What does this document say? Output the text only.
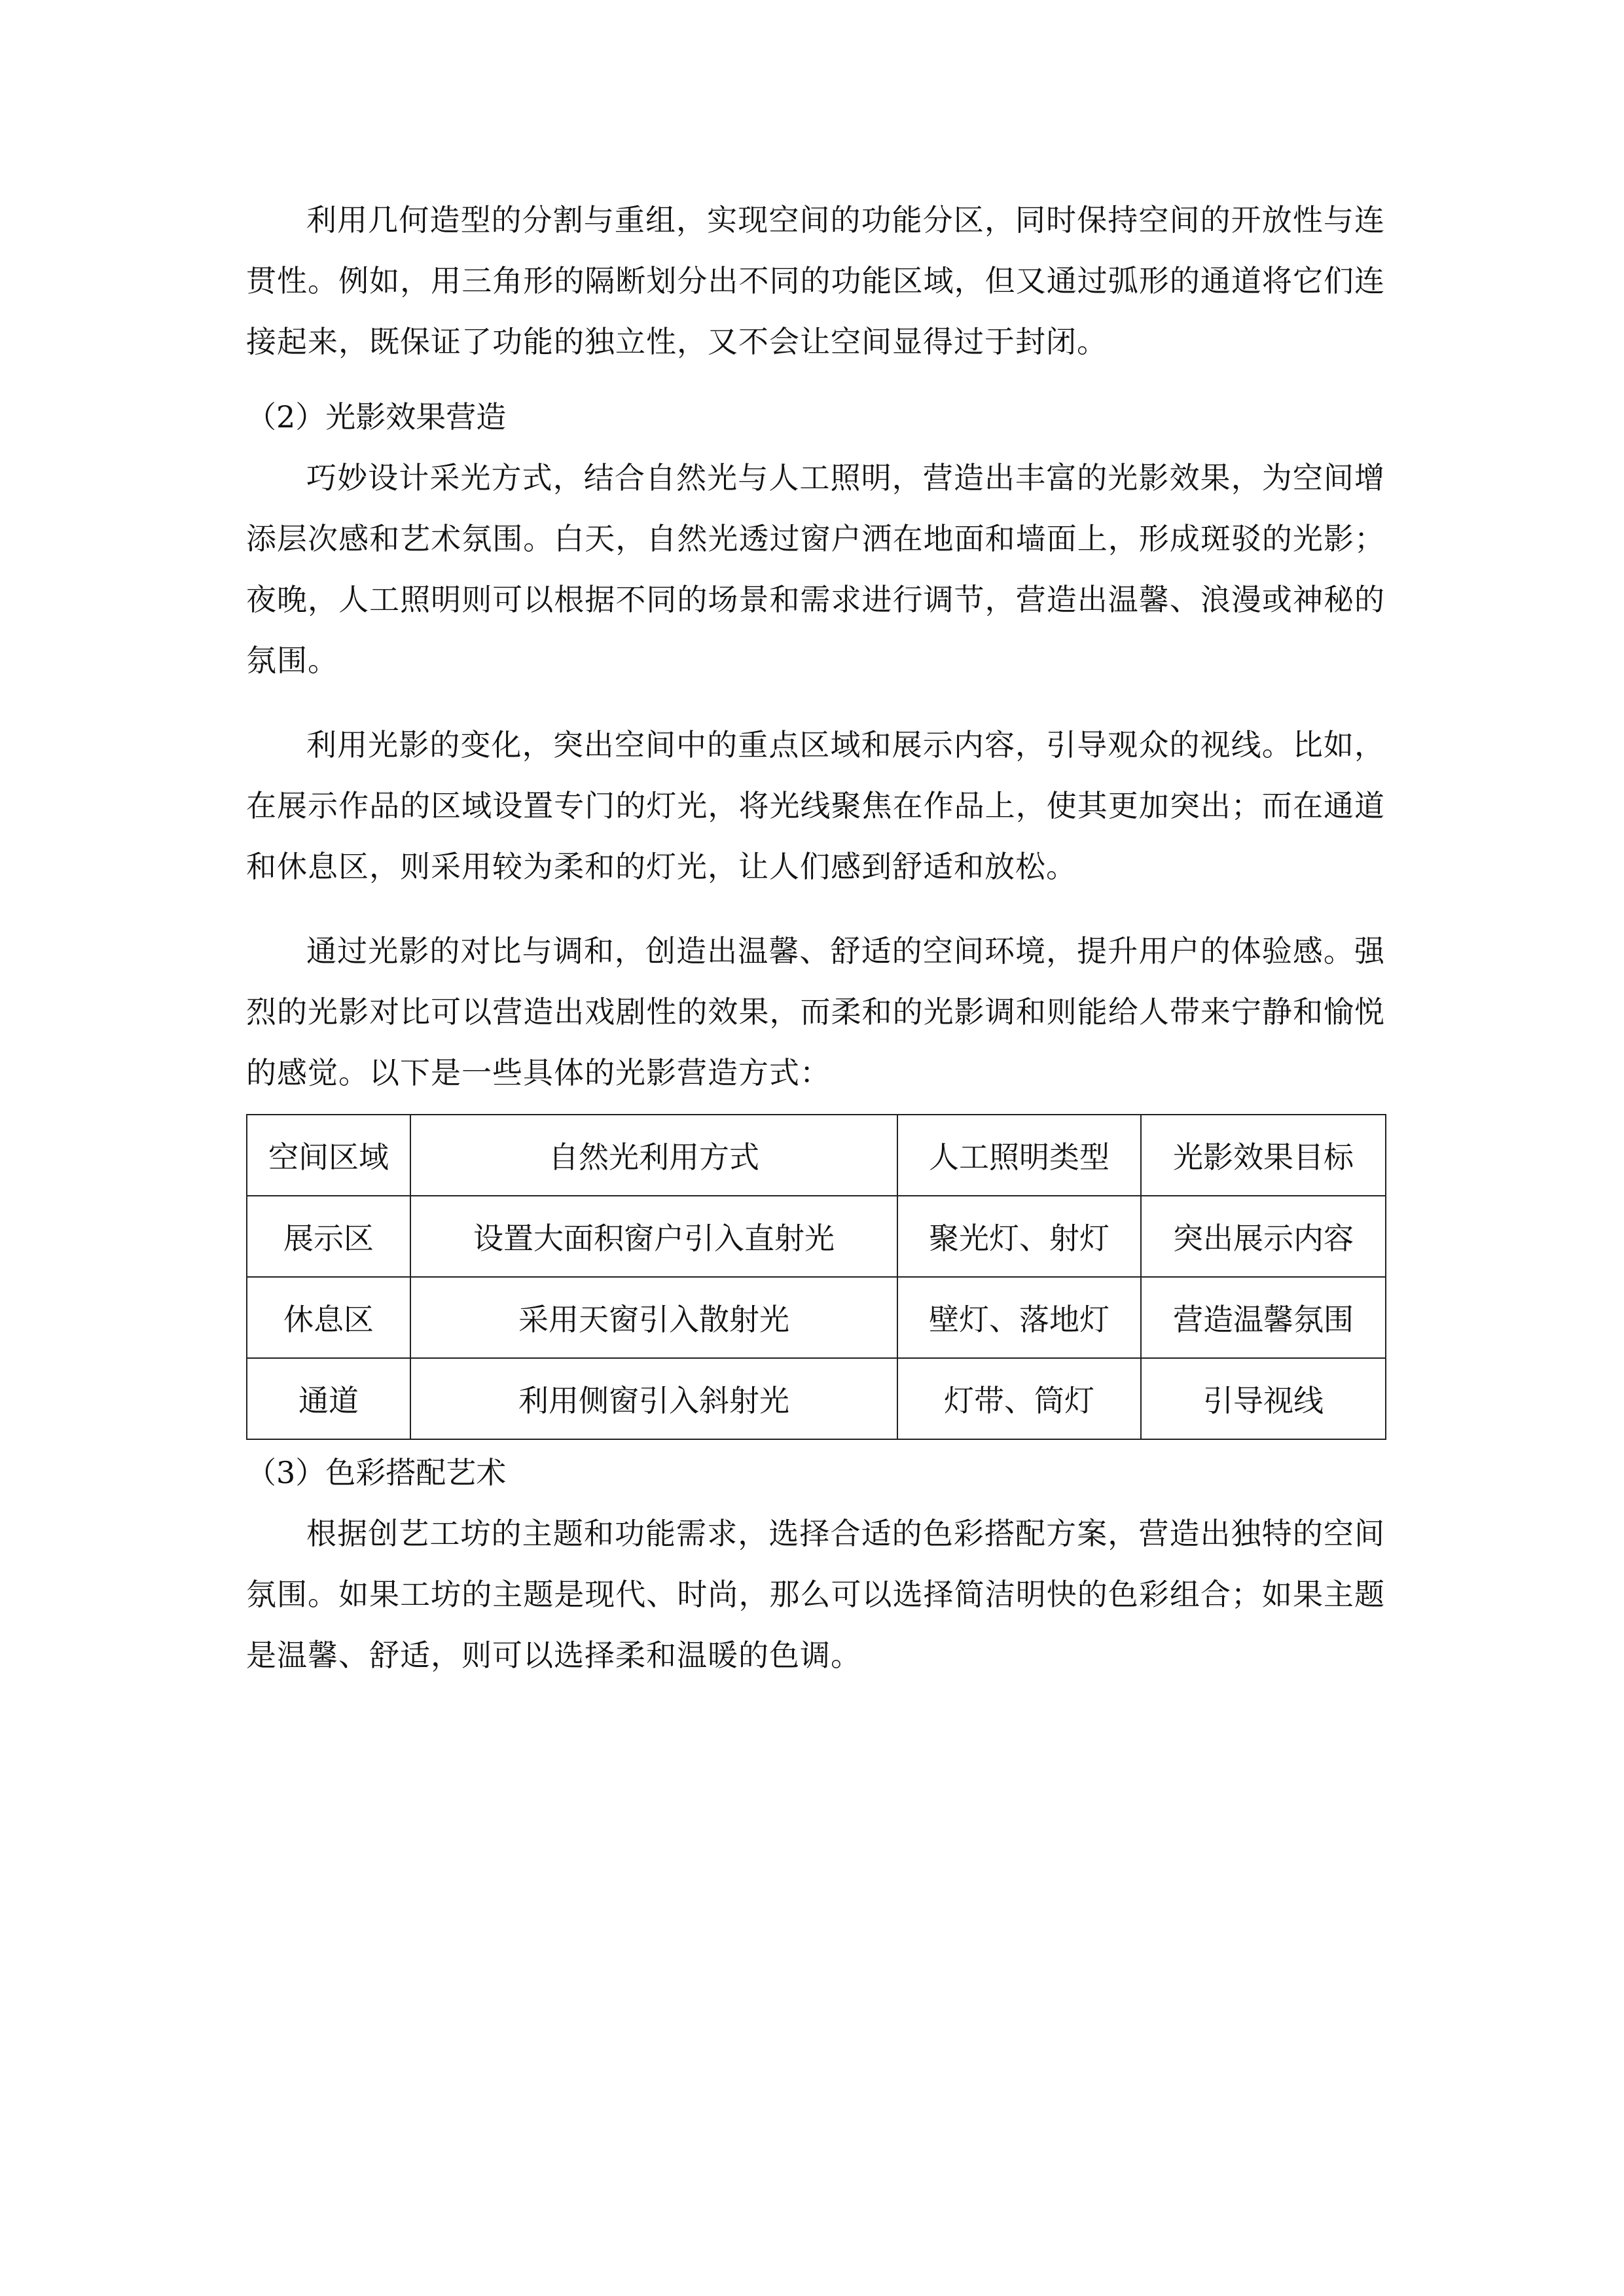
利用几何造型的分割与重组，实现空间的功能分区，同时保持空间的开放性与连贯性。例如，用三角形的隔断划分出不同的功能区域，但又通过弧形的通道将它们连接起来，既保证了功能的独立性，又不会让空间显得过于封闭。

（2）光影效果营造

巧妙设计采光方式，结合自然光与人工照明，营造出丰富的光影效果，为空间增添层次感和艺术氛围。白天，自然光透过窗户洒在地面和墙面上，形成斑驳的光影；夜晚，人工照明则可以根据不同的场景和需求进行调节，营造出温馨、浪漫或神秘的氛围。

利用光影的变化，突出空间中的重点区域和展示内容，引导观众的视线。比如，在展示作品的区域设置专门的灯光，将光线聚焦在作品上，使其更加突出；而在通道和休息区，则采用较为柔和的灯光，让人们感到舒适和放松。

通过光影的对比与调和，创造出温馨、舒适的空间环境，提升用户的体验感。强烈的光影对比可以营造出戏剧性的效果，而柔和的光影调和则能给人带来宁静和愉悦的感觉。以下是一些具体的光影营造方式：

空间区域	自然光利用方式	人工照明类型	光影效果目标
展示区	设置大面积窗户引入直射光	聚光灯、射灯	突出展示内容
休息区	采用天窗引入散射光	壁灯、落地灯	营造温馨氛围
通道	利用侧窗引入斜射光	灯带、筒灯	引导视线

（3）色彩搭配艺术

根据创艺工坊的主题和功能需求，选择合适的色彩搭配方案，营造出独特的空间氛围。如果工坊的主题是现代、时尚，那么可以选择简洁明快的色彩组合；如果主题是温馨、舒适，则可以选择柔和温暖的色调。
